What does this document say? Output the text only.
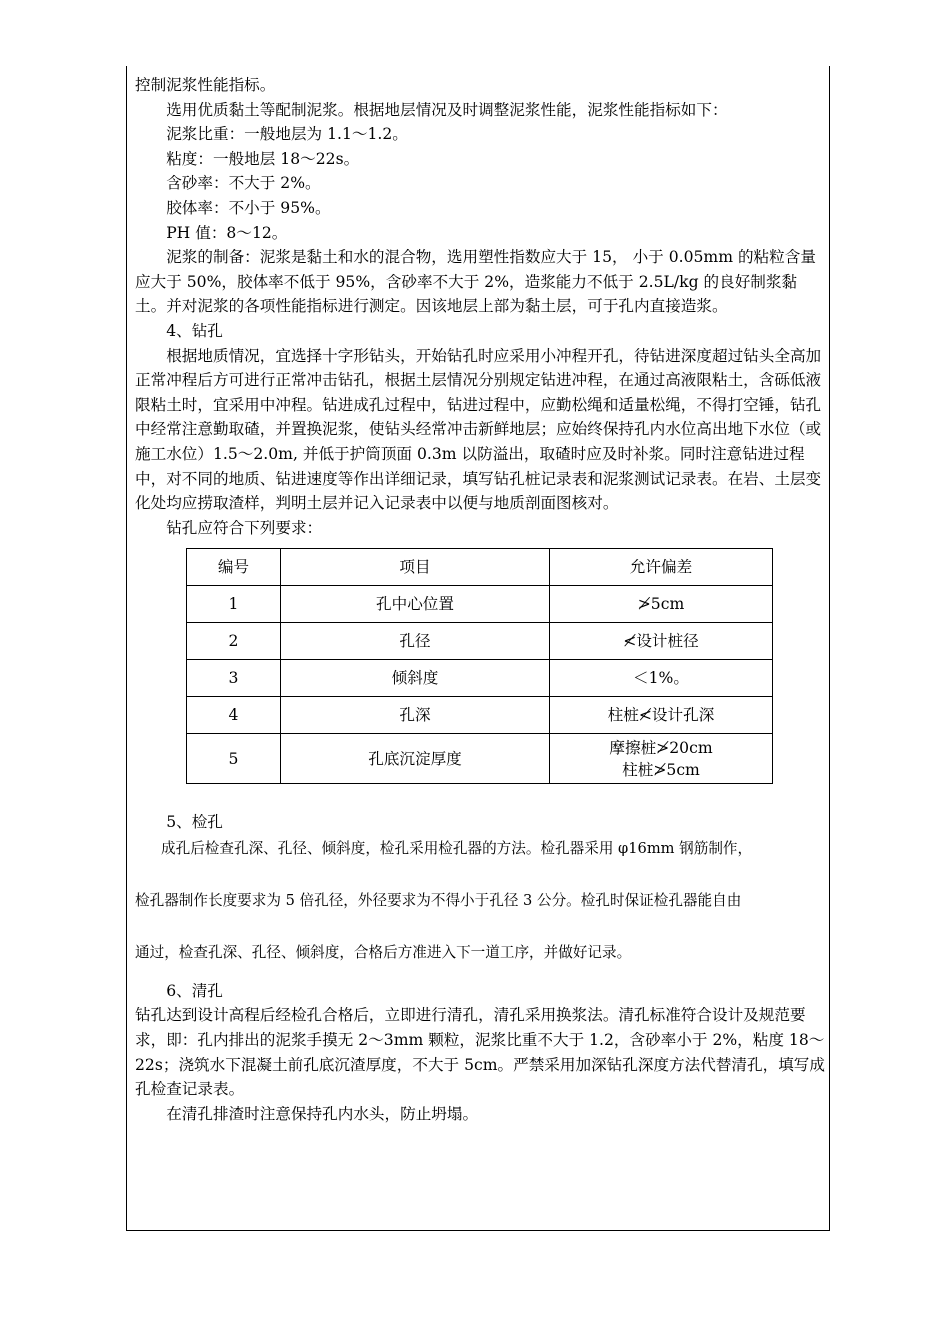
控制泥浆性能指标。

选用优质黏土等配制泥浆。根据地层情况及时调整泥浆性能，泥浆性能指标如下：

泥浆比重：一般地层为 1.1～1.2。

粘度：一般地层 18～22s。

含砂率：不大于 2%。

胶体率：不小于 95%。

PH 值：8～12。

泥浆的制备：泥浆是黏土和水的混合物，选用塑性指数应大于 15， 小于 0.05mm 的粘粒含量应大于 50%，胶体率不低于 95%，含砂率不大于 2%，造浆能力不低于 2.5L/kg 的良好制浆黏土。并对泥浆的各项性能指标进行测定。因该地层上部为黏土层，可于孔内直接造浆。

4、钻孔

根据地质情况，宜选择十字形钻头，开始钻孔时应采用小冲程开孔，待钻进深度超过钻头全高加正常冲程后方可进行正常冲击钻孔，根据土层情况分别规定钻进冲程，在通过高液限粘土，含砾低液限粘土时，宜采用中冲程。钻进成孔过程中，钻进过程中，应勤松绳和适量松绳，不得打空锤，钻孔中经常注意勤取碴，并置换泥浆，使钻头经常冲击新鲜地层；应始终保持孔内水位高出地下水位（或施工水位）1.5～2.0m, 并低于护筒顶面 0.3m 以防溢出，取碴时应及时补浆。同时注意钻进过程中，对不同的地质、钻进速度等作出详细记录，填写钻孔桩记录表和泥浆测试记录表。在岩、土层变化处均应捞取渣样，判明土层并记入记录表中以便与地质剖面图核对。

钻孔应符合下列要求：

编号	项目	允许偏差
1	孔中心位置	≯5cm
2	孔径	≮设计桩径
3	倾斜度	＜1%。
4	孔深	柱桩≮设计孔深
5	孔底沉淀厚度	摩擦桩≯20cm
柱桩≯5cm

5、检孔

成孔后检查孔深、孔径、倾斜度，检孔采用检孔器的方法。检孔器采用 φ16mm 钢筋制作，

检孔器制作长度要求为 5 倍孔径，外径要求为不得小于孔径 3 公分。检孔时保证检孔器能自由

通过，检查孔深、孔径、倾斜度，合格后方准进入下一道工序，并做好记录。

6、清孔

钻孔达到设计高程后经检孔合格后，立即进行清孔，清孔采用换浆法。清孔标准符合设计及规范要求，即：孔内排出的泥浆手摸无 2～3mm 颗粒，泥浆比重不大于 1.2，含砂率小于 2%，粘度 18～22s；浇筑水下混凝土前孔底沉渣厚度，不大于 5cm。严禁采用加深钻孔深度方法代替清孔，填写成孔检查记录表。

在清孔排渣时注意保持孔内水头，防止坍塌。
